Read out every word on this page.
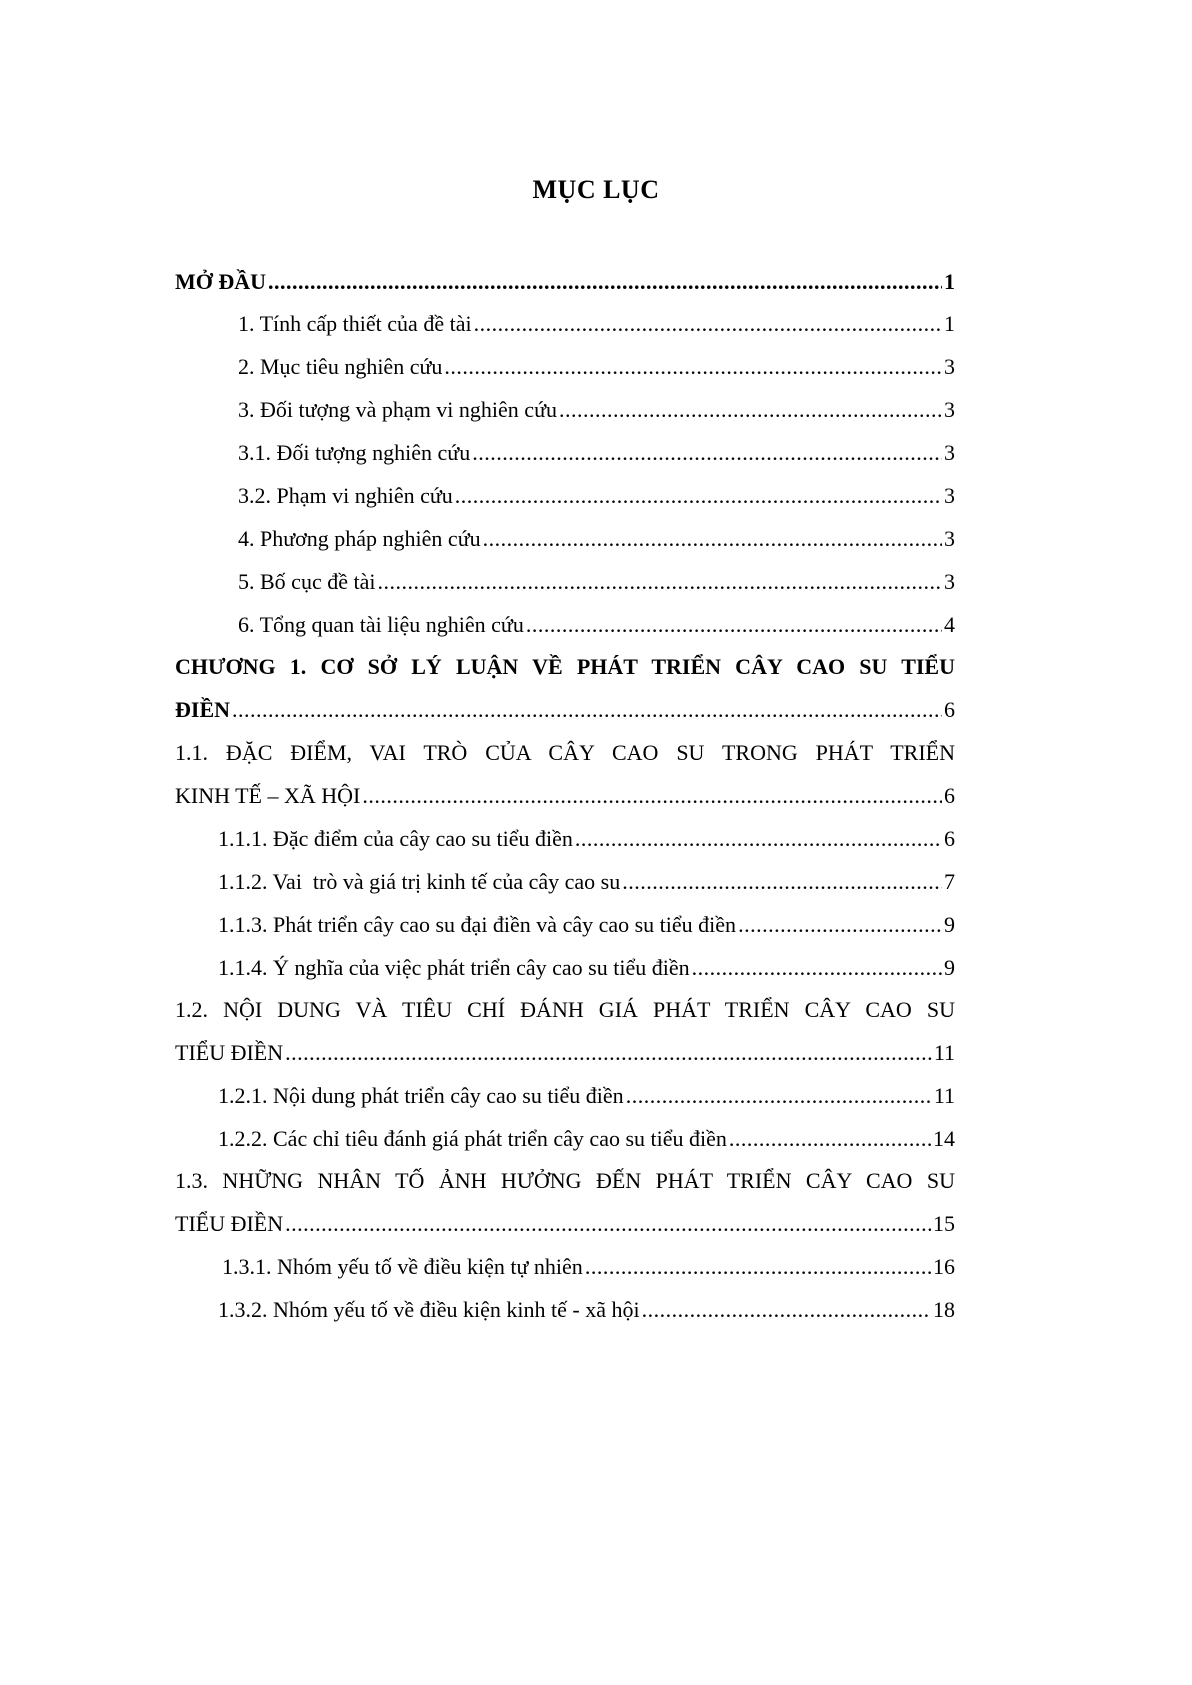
MỤC LỤC
MỞ ĐẦU .....	1
1. Tính cấp thiết của đề tài .....	1
2. Mục tiêu nghiên cứu .....	3
3. Đối tượng và phạm vi nghiên cứu .....	3
3.1. Đối tượng nghiên cứu .....	3
3.2. Phạm vi nghiên cứu .....	3
4. Phương pháp nghiên cứu .....	3
5. Bố cục đề tài .....	3
6. Tổng quan tài liệu nghiên cứu .....	4
CHƯƠNG 1. CƠ SỞ LÝ LUẬN VỀ PHÁT TRIỂN CÂY CAO SU TIỂU
ĐIỀN .....	6
1.1. ĐẶC ĐIỂM, VAI TRÒ CỦA CÂY CAO SU TRONG PHÁT TRIỂN
KINH TẾ – XÃ HỘI .....	6
1.1.1. Đặc điểm của cây cao su tiểu điền .....	6
1.1.2. Vai  trò và giá trị kinh tế của cây cao su .....	7
1.1.3. Phát triển cây cao su đại điền và cây cao su tiểu điền .....	9
1.1.4. Ý nghĩa của việc phát triển cây cao su tiểu điền .....	9
1.2. NỘI DUNG VÀ TIÊU CHÍ ĐÁNH GIÁ PHÁT TRIỂN CÂY CAO SU
TIỂU ĐIỀN .....	11
1.2.1. Nội dung phát triển cây cao su tiểu điền .....	11
1.2.2. Các chỉ tiêu đánh giá phát triển cây cao su tiểu điền .....	14
1.3. NHỮNG NHÂN TỐ ẢNH HƯỞNG ĐẾN PHÁT TRIỂN CÂY CAO SU
TIỂU ĐIỀN .....	15
1.3.1. Nhóm yếu tố về điều kiện tự nhiên .....	16
1.3.2. Nhóm yếu tố về điều kiện kinh tế - xã hội .....	18
